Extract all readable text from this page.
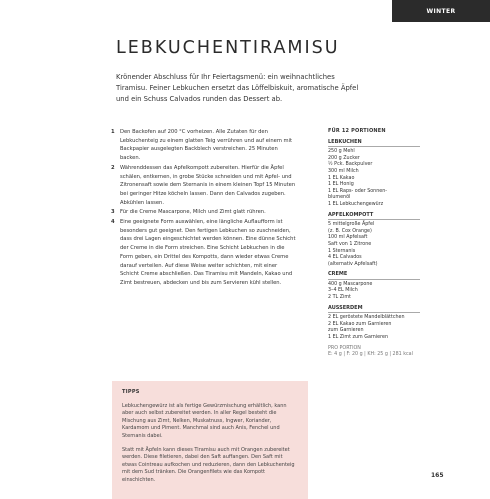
WINTER
LEBKUCHENTIRAMISU

Krönender Abschluss für Ihr Feiertagsmenü: ein weihnachtliches Tiramisu. Feiner Lebkuchen ersetzt das Löffelbiskuit, aromatische Äpfel und ein Schuss Calvados runden das Dessert ab.

1	Den Backofen auf 200 °C vorheizen. Alle Zutaten für den Lebkuchenteig zu einem glatten Teig verrühren und auf einem mit Backpapier ausgelegten Backblech verstreichen. 25 Minuten backen.
2	Währenddessen das Apfelkompott zubereiten. Hierfür die Äpfel schälen, entkernen, in grobe Stücke schneiden und mit Apfel- und Zitronensaft sowie dem Sternanis in einem kleinen Topf 15 Minuten bei geringer Hitze köcheln lassen. Dann den Calvados zugeben. Abkühlen lassen.
3	Für die Creme Mascarpone, Milch und Zimt glatt rühren.
4	Eine geeignete Form auswählen, eine längliche Auflaufform ist besonders gut geeignet. Den fertigen Lebkuchen so zuschneiden, dass drei Lagen eingeschichtet werden können. Eine dünne Schicht der Creme in die Form streichen. Eine Schicht Lebkuchen in die Form geben, ein Drittel des Kompotts, dann wieder etwas Creme darauf verteilen. Auf diese Weise weiter schichten, mit einer Schicht Creme abschließen. Das Tiramisu mit Mandeln, Kakao und Zimt bestreuen, abdecken und bis zum Servieren kühl stellen.
FÜR 12 PORTIONEN
LEBKUCHEN
250 g Mehl
200 g Zucker
½ Pck. Backpulver
300 ml Milch
1 EL Kakao
1 EL Honig
1 EL Raps- oder Sonnen-
blumenöl
1 EL Lebkuchengewürz
APFELKOMPOTT
5 mittelgroße Äpfel
(z. B. Cox Orange)
100 ml Apfelsaft
Saft von 1 Zitrone
1 Sternanis
4 EL Calvados
(alternativ Apfelsaft)
CREME
400 g Mascarpone
3–4 EL Milch
2 TL Zimt
AUSSERDEM
2 EL geröstete Mandelblättchen
2 EL Kakao zum Garnieren
zum Garnieren
1 EL Zimt zum Garnieren
PRO PORTION
E: 4 g | F: 20 g | KH: 25 g | 281 kcal
TIPPS

Lebkuchengewürz ist als fertige Gewürzmischung erhältlich, kann aber auch selbst zubereitet werden. In aller Regel besteht die Mischung aus Zimt, Nelken, Muskatnuss, Ingwer, Koriander, Kardamom und Piment. Manchmal sind auch Anis, Fenchel und Sternanis dabei.

Statt mit Äpfeln kann dieses Tiramisu auch mit Orangen zubereitet werden. Diese filetieren, dabei den Saft auffangen. Den Saft mit etwas Cointreau aufkochen und reduzieren, dann den Lebkuchenteig mit dem Sud tränken. Die Orangenfilets wie das Kompott einschichten.

165
